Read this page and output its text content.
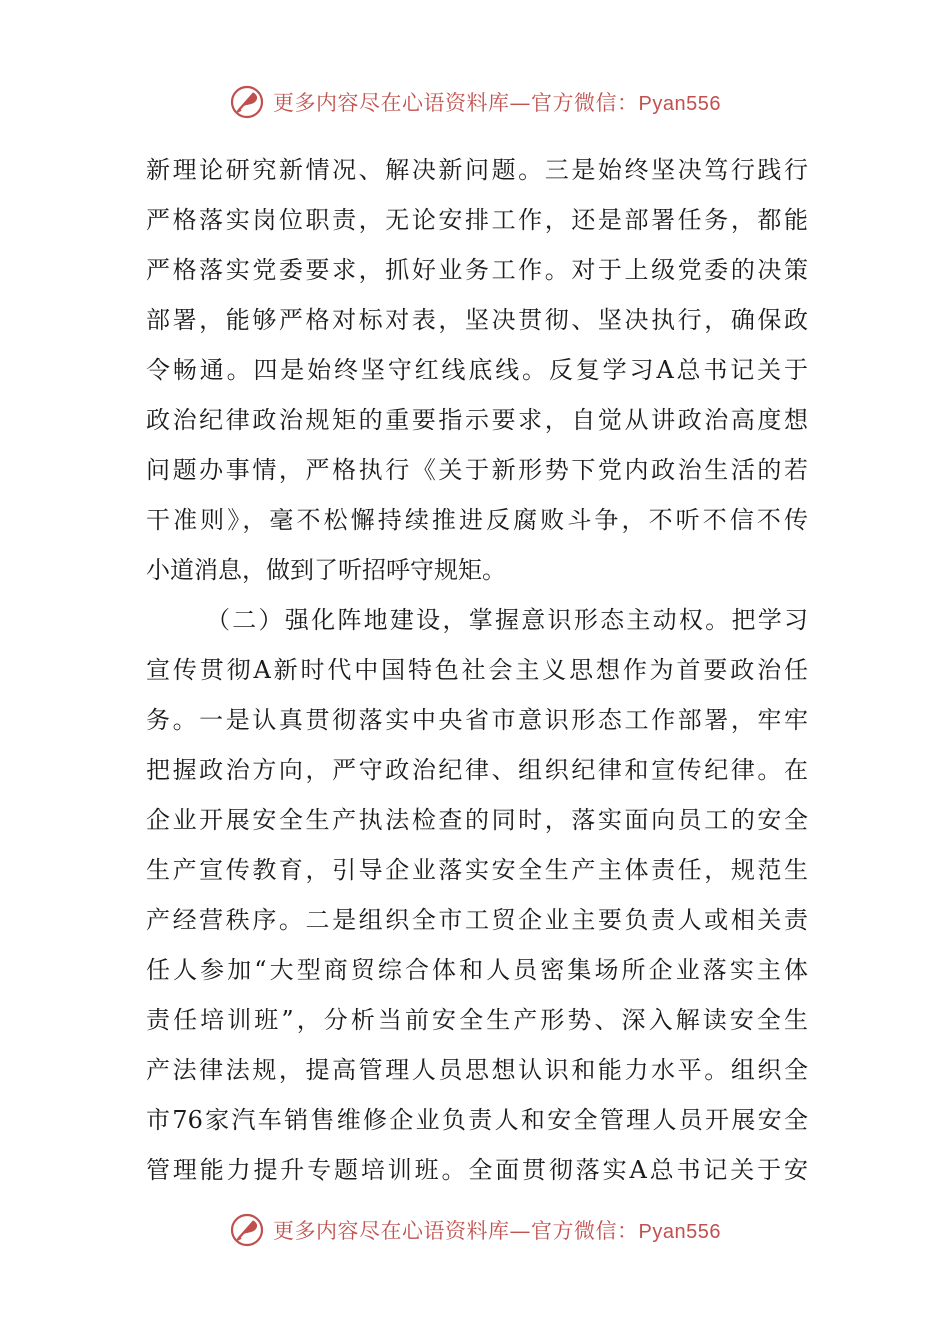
更多内容尽在心语资料库—官方微信：Pyan556
新理论研究新情况、解决新问题。三是始终坚决笃行践行
严格落实岗位职责，无论安排工作，还是部署任务，都能
严格落实党委要求，抓好业务工作。对于上级党委的决策
部署，能够严格对标对表，坚决贯彻、坚决执行，确保政
令畅通。四是始终坚守红线底线。反复学习A总书记关于
政治纪律政治规矩的重要指示要求，自觉从讲政治高度想
问题办事情，严格执行《关于新形势下党内政治生活的若
干准则》，毫不松懈持续推进反腐败斗争，不听不信不传
小道消息，做到了听招呼守规矩。
（二）强化阵地建设，掌握意识形态主动权。把学习
宣传贯彻A新时代中国特色社会主义思想作为首要政治任
务。一是认真贯彻落实中央省市意识形态工作部署，牢牢
把握政治方向，严守政治纪律、组织纪律和宣传纪律。在
企业开展安全生产执法检查的同时，落实面向员工的安全
生产宣传教育，引导企业落实安全生产主体责任，规范生
产经营秩序。二是组织全市工贸企业主要负责人或相关责
任人参加“大型商贸综合体和人员密集场所企业落实主体
责任培训班”，分析当前安全生产形势、深入解读安全生
产法律法规，提高管理人员思想认识和能力水平。组织全
市76家汽车销售维修企业负责人和安全管理人员开展安全
管理能力提升专题培训班。全面贯彻落实A总书记关于安
更多内容尽在心语资料库—官方微信：Pyan556
